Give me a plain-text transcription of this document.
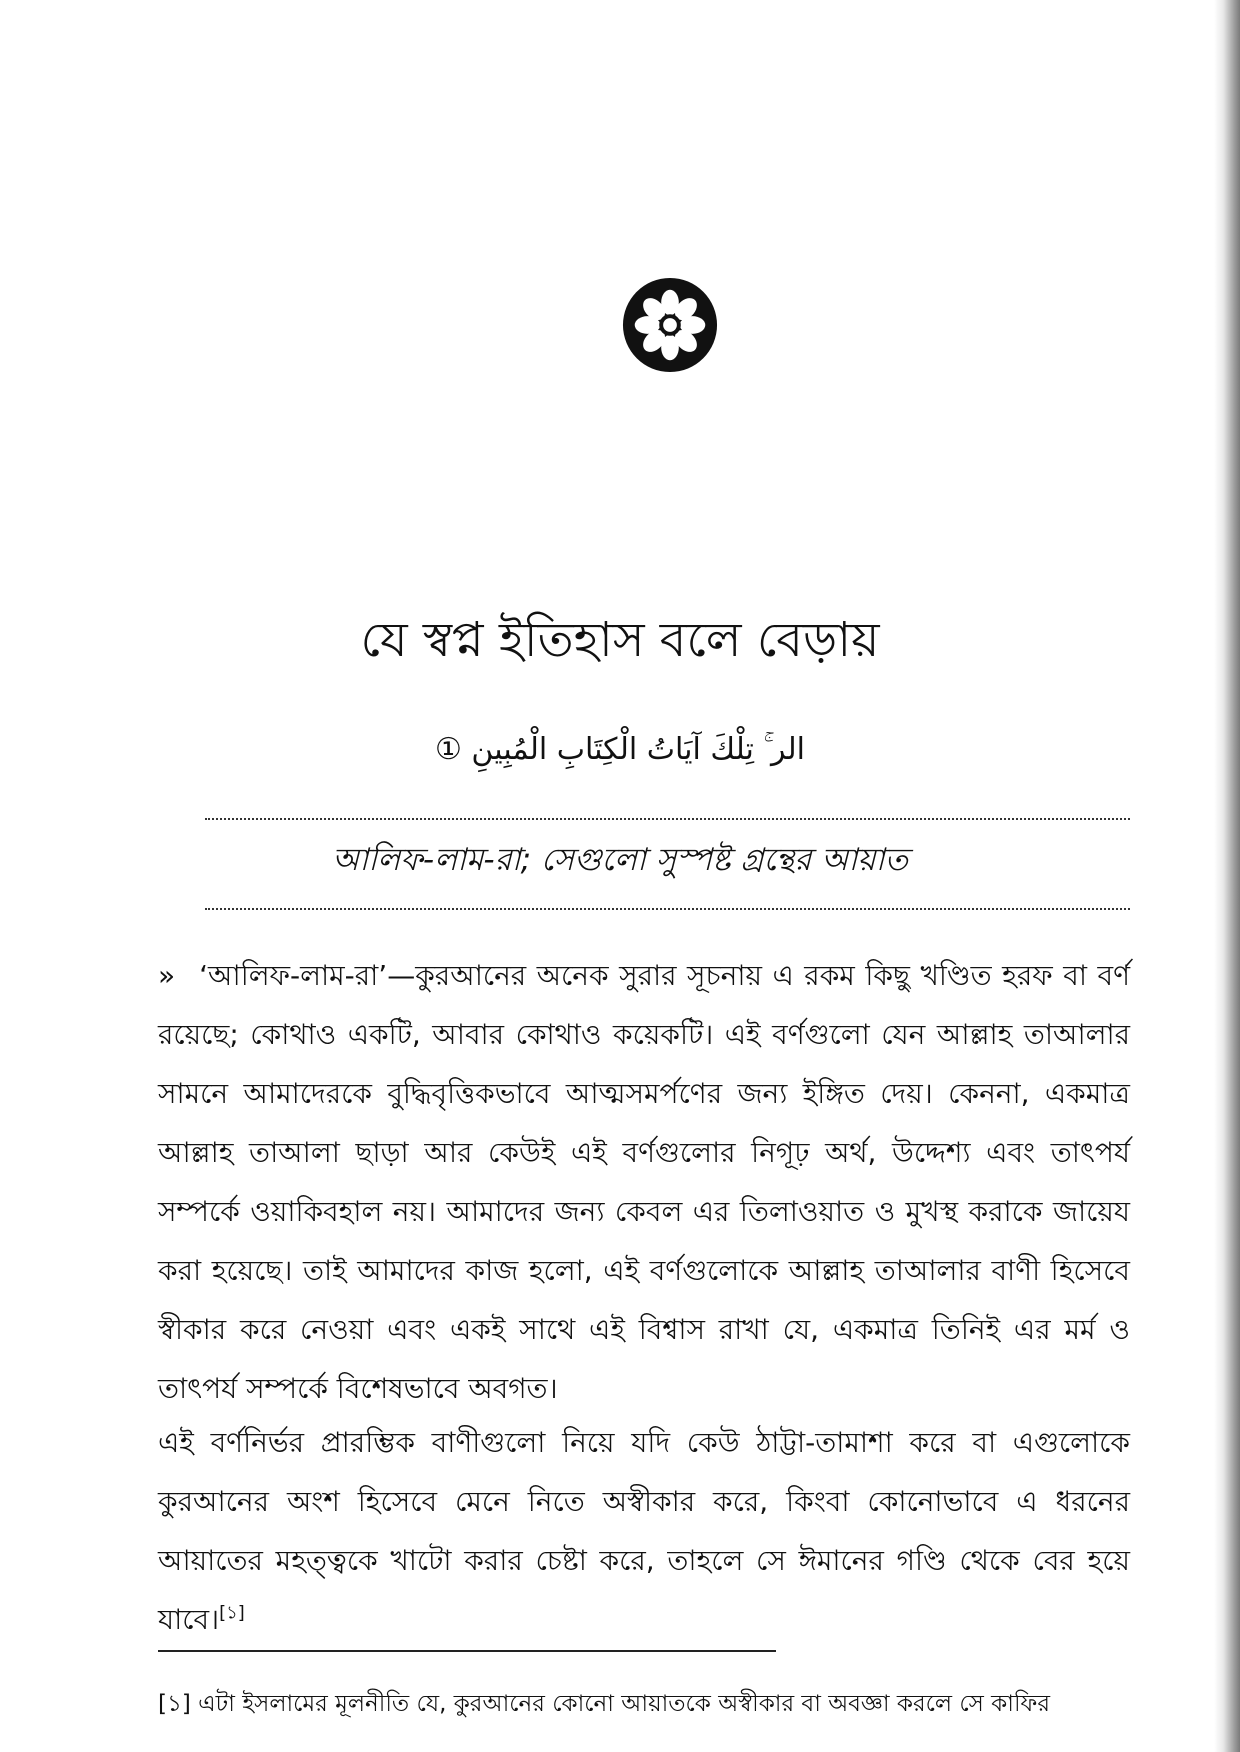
যে স্বপ্ন ইতিহাস বলে বেড়ায়
الر ۚ تِلْكَ آيَاتُ الْكِتَابِ الْمُبِينِ ①
আলিফ-লাম-রা; সেগুলো সুস্পষ্ট গ্রন্থের আয়াত

» ‘আলিফ-লাম-রা’—কুরআনের অনেক সুরার সূচনায় এ রকম কিছু খণ্ডিত হরফ বা বর্ণ রয়েছে; কোথাও একটি, আবার কোথাও কয়েকটি। এই বর্ণগুলো যেন আল্লাহ তাআলার সামনে আমাদেরকে বুদ্ধিবৃত্তিকভাবে আত্মসমর্পণের জন্য ইঙ্গিত দেয়। কেননা, একমাত্র আল্লাহ তাআলা ছাড়া আর কেউই এই বর্ণগুলোর নিগূঢ় অর্থ, উদ্দেশ্য এবং তাৎপর্য সম্পর্কে ওয়াকিবহাল নয়। আমাদের জন্য কেবল এর তিলাওয়াত ও মুখস্থ করাকে জায়েয করা হয়েছে। তাই আমাদের কাজ হলো, এই বর্ণগুলোকে আল্লাহ তাআলার বাণী হিসেবে স্বীকার করে নেওয়া এবং একই সাথে এই বিশ্বাস রাখা যে, একমাত্র তিনিই এর মর্ম ও তাৎপর্য সম্পর্কে বিশেষভাবে অবগত।

এই বর্ণনির্ভর প্রারম্ভিক বাণীগুলো নিয়ে যদি কেউ ঠাট্টা-তামাশা করে বা এগুলোকে কুরআনের অংশ হিসেবে মেনে নিতে অস্বীকার করে, কিংবা কোনোভাবে এ ধরনের আয়াতের মহত্ত্বকে খাটো করার চেষ্টা করে, তাহলে সে ঈমানের গণ্ডি থেকে বের হয়ে যাবে।[১]

[১] এটা ইসলামের মূলনীতি যে, কুরআনের কোনো আয়াতকে অস্বীকার বা অবজ্ঞা করলে সে কাফির
